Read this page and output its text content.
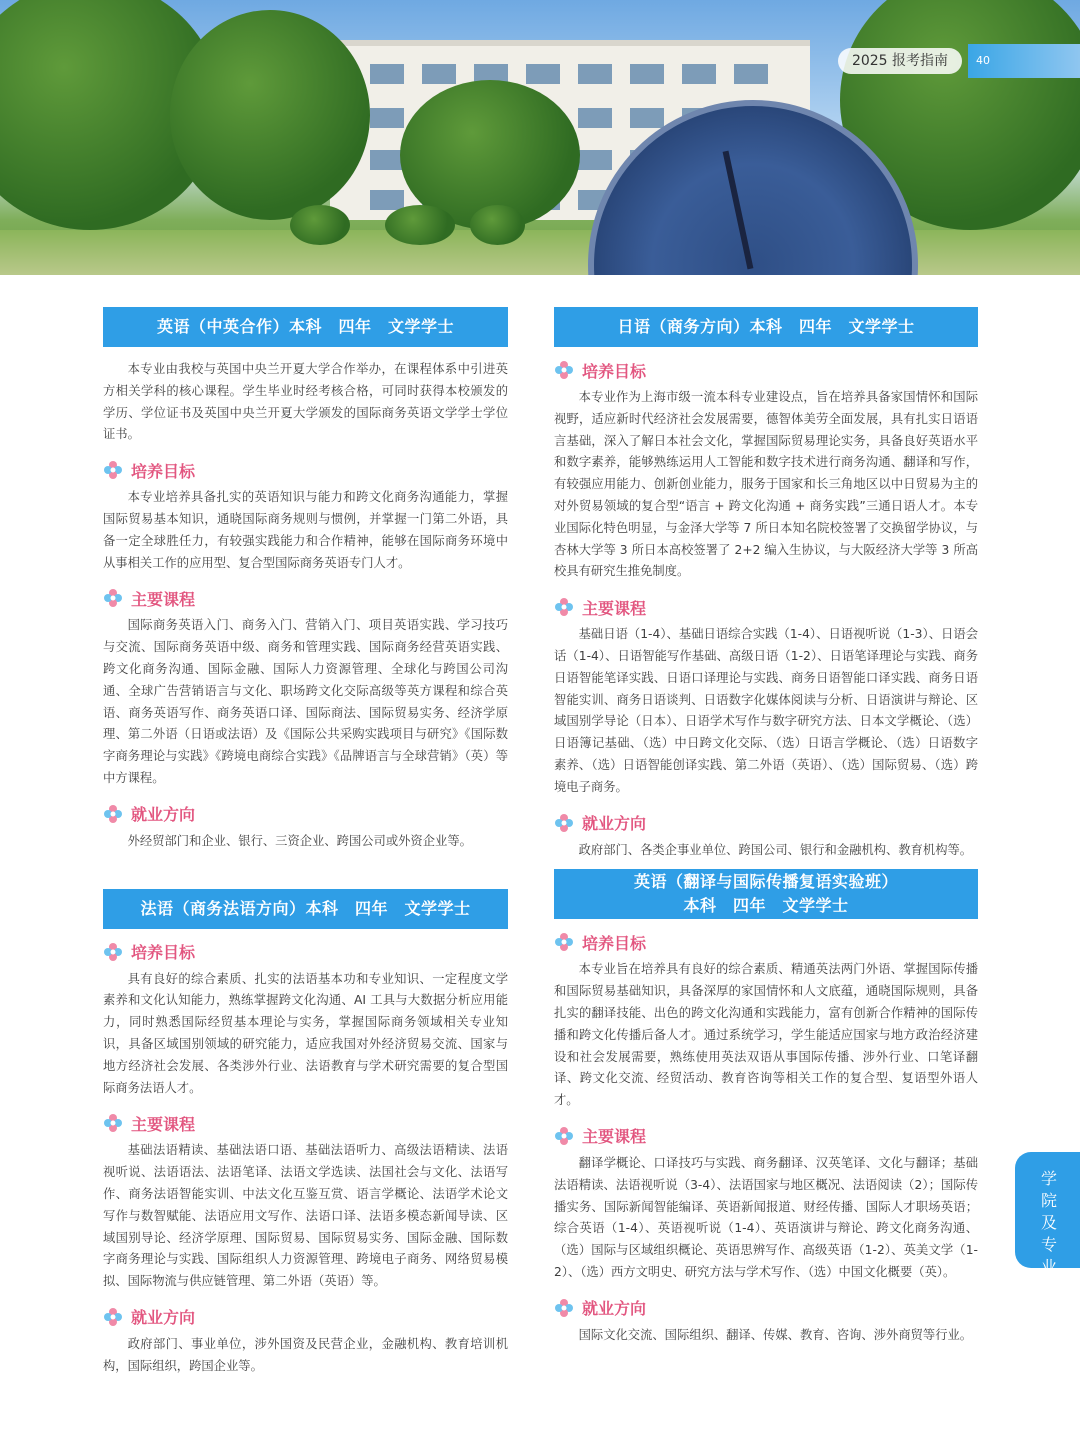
2025 报考指南	40
英语（中英合作）本科　四年　文学学士

本专业由我校与英国中央兰开夏大学合作举办，在课程体系中引进英方相关学科的核心课程。学生毕业时经考核合格，可同时获得本校颁发的学历、学位证书及英国中央兰开夏大学颁发的国际商务英语文学学士学位证书。

培养目标

本专业培养具备扎实的英语知识与能力和跨文化商务沟通能力，掌握国际贸易基本知识，通晓国际商务规则与惯例，并掌握一门第二外语，具备一定全球胜任力，有较强实践能力和合作精神，能够在国际商务环境中从事相关工作的应用型、复合型国际商务英语专门人才。

主要课程

国际商务英语入门、商务入门、营销入门、项目英语实践、学习技巧与交流、国际商务英语中级、商务和管理实践、国际商务经营英语实践、跨文化商务沟通、国际金融、国际人力资源管理、全球化与跨国公司沟通、全球广告营销语言与文化、职场跨文化交际高级等英方课程和综合英语、商务英语写作、商务英语口译、国际商法、国际贸易实务、经济学原理、第二外语（日语或法语）及《国际公共采购实践项目与研究》《国际数字商务理论与实践》《跨境电商综合实践》《品牌语言与全球营销》（英）等中方课程。

就业方向

外经贸部门和企业、银行、三资企业、跨国公司或外资企业等。

法语（商务法语方向）本科　四年　文学学士
培养目标

具有良好的综合素质、扎实的法语基本功和专业知识、一定程度文学素养和文化认知能力，熟练掌握跨文化沟通、AI 工具与大数据分析应用能力，同时熟悉国际经贸基本理论与实务，掌握国际商务领域相关专业知识，具备区域国别领域的研究能力，适应我国对外经济贸易交流、国家与地方经济社会发展、各类涉外行业、法语教育与学术研究需要的复合型国际商务法语人才。

主要课程

基础法语精读、基础法语口语、基础法语听力、高级法语精读、法语视听说、法语语法、法语笔译、法语文学选读、法国社会与文化、法语写作、商务法语智能实训、中法文化互鉴互赏、语言学概论、法语学术论文写作与数智赋能、法语应用文写作、法语口译、法语多模态新闻导读、区域国别导论、经济学原理、国际贸易、国际贸易实务、国际金融、国际数字商务理论与实践、国际组织人力资源管理、跨境电子商务、网络贸易模拟、国际物流与供应链管理、第二外语（英语）等。

就业方向

政府部门、事业单位，涉外国资及民营企业，金融机构、教育培训机构，国际组织，跨国企业等。

日语（商务方向）本科　四年　文学学士
培养目标

本专业作为上海市级一流本科专业建设点，旨在培养具备家国情怀和国际视野，适应新时代经济社会发展需要，德智体美劳全面发展，具有扎实日语语言基础，深入了解日本社会文化，掌握国际贸易理论实务，具备良好英语水平和数字素养，能够熟练运用人工智能和数字技术进行商务沟通、翻译和写作，有较强应用能力、创新创业能力，服务于国家和长三角地区以中日贸易为主的对外贸易领域的复合型“语言 + 跨文化沟通 + 商务实践”三通日语人才。本专业国际化特色明显，与金泽大学等 7 所日本知名院校签署了交换留学协议，与杏林大学等 3 所日本高校签署了 2+2 编入生协议，与大阪经济大学等 3 所高校具有研究生推免制度。

主要课程

基础日语（1-4）、基础日语综合实践（1-4）、日语视听说（1-3）、日语会话（1-4）、日语智能写作基础、高级日语（1-2）、日语笔译理论与实践、商务日语智能笔译实践、日语口译理论与实践、商务日语智能口译实践、商务日语智能实训、商务日语谈判、日语数字化媒体阅读与分析、日语演讲与辩论、区域国别学导论（日本）、日语学术写作与数字研究方法、日本文学概论、（选）日语簿记基础、（选）中日跨文化交际、（选）日语言学概论、（选）日语数字素养、（选）日语智能创译实践、第二外语（英语）、（选）国际贸易、（选）跨境电子商务。

就业方向

政府部门、各类企事业单位、跨国公司、银行和金融机构、教育机构等。

英语（翻译与国际传播复语实验班）
本科　四年　文学学士
培养目标

本专业旨在培养具有良好的综合素质、精通英法两门外语、掌握国际传播和国际贸易基础知识，具备深厚的家国情怀和人文底蕴，通晓国际规则，具备扎实的翻译技能、出色的跨文化沟通和实践能力，富有创新合作精神的国际传播和跨文化传播后备人才。通过系统学习，学生能适应国家与地方政治经济建设和社会发展需要，熟练使用英法双语从事国际传播、涉外行业、口笔译翻译、跨文化交流、经贸活动、教育咨询等相关工作的复合型、复语型外语人才。

主要课程

翻译学概论、口译技巧与实践、商务翻译、汉英笔译、文化与翻译；基础法语精读、法语视听说（3-4）、法语国家与地区概况、法语阅读（2）；国际传播实务、国际新闻智能编译、英语新闻报道、财经传播、国际人才职场英语；综合英语（1-4）、英语视听说（1-4）、英语演讲与辩论、跨文化商务沟通、（选）国际与区域组织概论、英语思辨写作、高级英语（1-2）、英美文学（1-2）、（选）西方文明史、研究方法与学术写作、（选）中国文化概要（英）。

就业方向

国际文化交流、国际组织、翻译、传媒、教育、咨询、涉外商贸等行业。

学
院
及
专
业
